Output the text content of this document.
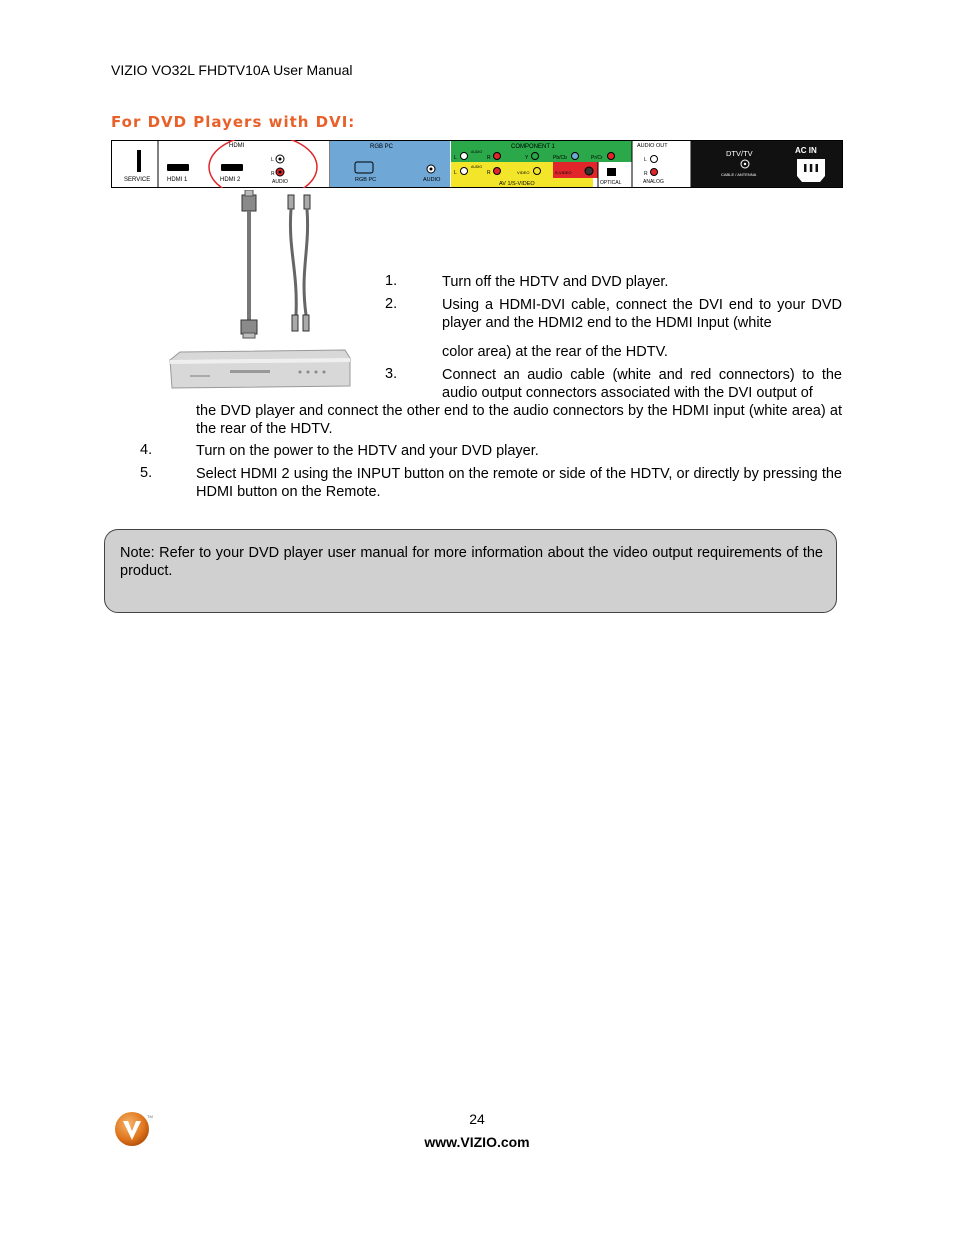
VIZIO VO32L FHDTV10A User Manual
For DVD Players with DVI:
SERVICE
HDMI
HDMI 1	HDMI 2
L
R
AUDIO
RGB PC
RGB PC	AUDIO
COMPONENT 1
AUDIO
L	R	Y	Pb/Cb	Pr/Cr
L
AUDIO
R	VIDEO	S-VIDEO
AV 1/S-VIDEO	OPTICAL
AUDIO OUT
L
R
ANALOG
DTV/TV
CABLE / ANTENNA
AC IN
1.	Turn off the HDTV and DVD player.
2.	Using a HDMI-DVI cable, connect the DVI end to your DVD player and the HDMI2 end to the HDMI Input (white
color area) at the rear of the HDTV.
3.	Connect an audio cable (white and red connectors) to the audio output connectors associated with the DVI output of
the DVD player and connect the other end to the audio connectors by the HDMI input (white area) at the rear of the HDTV.
4.	Turn on the power to the HDTV and your DVD player.
5.	Select HDMI 2 using the INPUT button on the remote or side of the HDTV, or directly by pressing the HDMI button on the Remote.
Note: Refer to your DVD player user manual for more information about the video output requirements of the product.
TM	24
www.VIZIO.com
